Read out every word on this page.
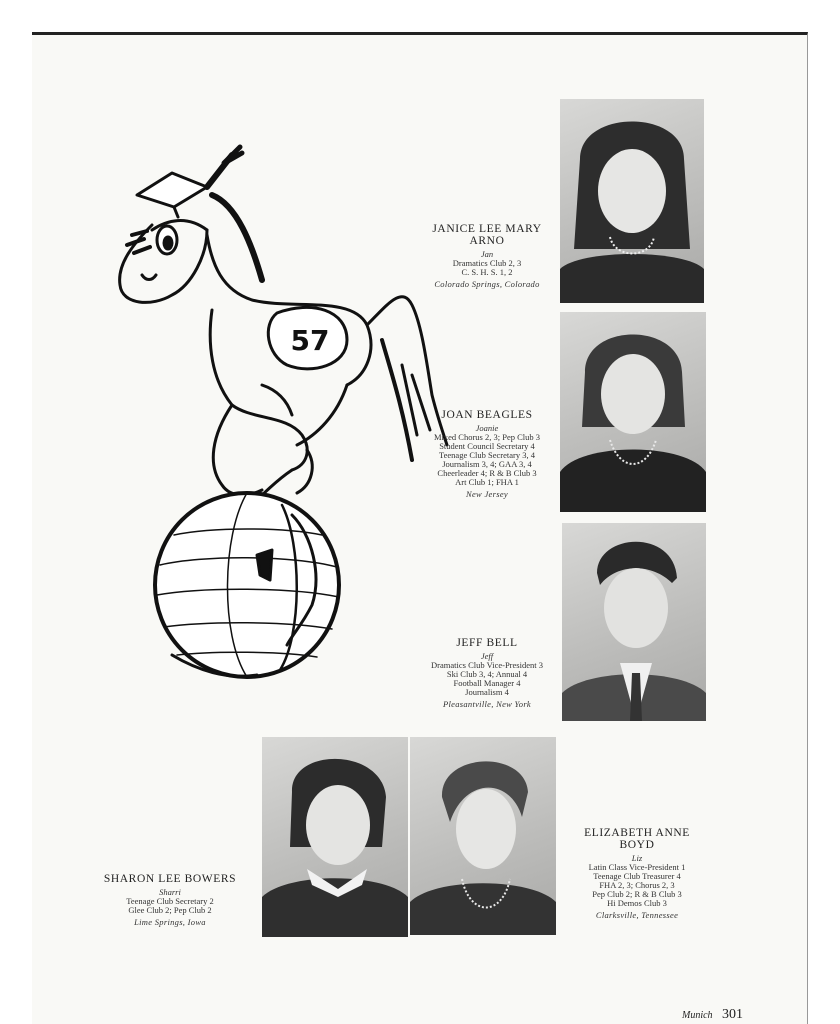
57
JANICE LEE MARY
ARNO
Jan
Dramatics Club 2, 3
C. S. H. S. 1, 2
Colorado Springs, Colorado
JOAN BEAGLES
Joanie
Mixed Chorus 2, 3; Pep Club 3
Student Council Secretary 4
Teenage Club Secretary 3, 4
Journalism 3, 4; GAA 3, 4
Cheerleader 4; R & B Club 3
Art Club 1; FHA 1
New Jersey
JEFF BELL
Jeff
Dramatics Club Vice-President 3
Ski Club 3, 4; Annual 4
Football Manager 4
Journalism 4
Pleasantville, New York
SHARON LEE BOWERS
Sharri
Teenage Club Secretary 2
Glee Club 2; Pep Club 2
Lime Springs, Iowa
ELIZABETH ANNE
BOYD
Liz
Latin Class Vice-President 1
Teenage Club Treasurer 4
FHA 2, 3; Chorus 2, 3
Pep Club 2; R & B Club 3
Hi Demos Club 3
Clarksville, Tennessee
Munich 301
